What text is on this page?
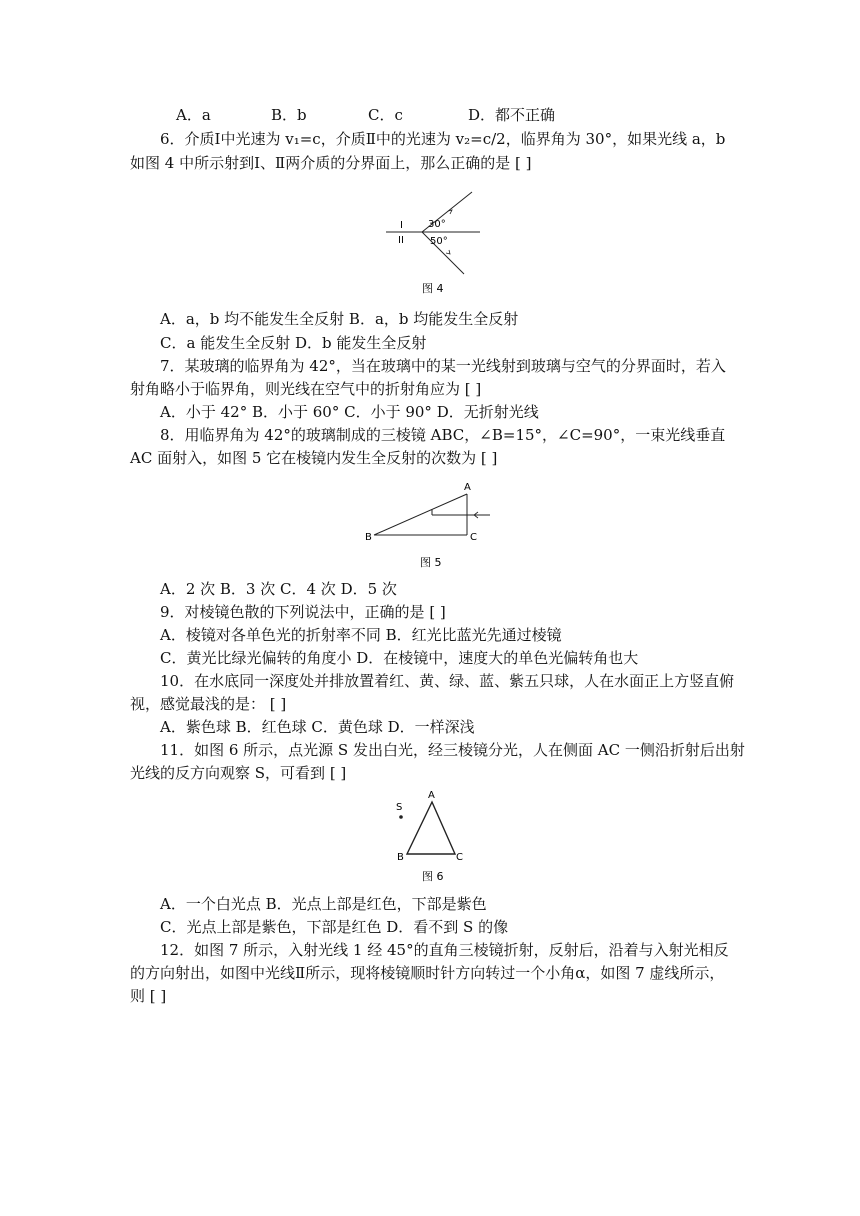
A．a	B．b	C．c	D．都不正确
6．介质Ⅰ中光速为 v₁=c，介质Ⅱ中的光速为 v₂=c/2，临界角为 30°，如果光线 a，b
如图 4 中所示射到Ⅰ、Ⅱ两介质的分界面上，那么正确的是 [ ]
I
II
30°
50°
图 4
A．a，b 均不能发生全反射 B．a，b 均能发生全反射
C．a 能发生全反射 D．b 能发生全反射
7．某玻璃的临界角为 42°，当在玻璃中的某一光线射到玻璃与空气的分界面时，若入
射角略小于临界角，则光线在空气中的折射角应为 [ ]
A．小于 42° B．小于 60° C．小于 90° D．无折射光线
8．用临界角为 42°的玻璃制成的三棱镜 ABC，∠B=15°，∠C=90°，一束光线垂直
AC 面射入，如图 5 它在棱镜内发生全反射的次数为 [ ]
A
B	C
图 5
A．2 次 B．3 次 C．4 次 D．5 次
9．对棱镜色散的下列说法中，正确的是 [ ]
A．棱镜对各单色光的折射率不同 B．红光比蓝光先通过棱镜
C．黄光比绿光偏转的角度小 D．在棱镜中，速度大的单色光偏转角也大
10．在水底同一深度处并排放置着红、黄、绿、蓝、紫五只球，人在水面正上方竖直俯
视，感觉最浅的是： [ ]
A．紫色球 B．红色球 C．黄色球 D．一样深浅
11．如图 6 所示，点光源 S 发出白光，经三棱镜分光，人在侧面 AC 一侧沿折射后出射
光线的反方向观察 S，可看到 [ ]
S
A
B	C
图 6
A．一个白光点 B．光点上部是红色，下部是紫色
C．光点上部是紫色，下部是红色 D．看不到 S 的像
12．如图 7 所示，入射光线 1 经 45°的直角三棱镜折射，反射后，沿着与入射光相反
的方向射出，如图中光线Ⅱ所示，现将棱镜顺时针方向转过一个小角α，如图 7 虚线所示，
则 [ ]
